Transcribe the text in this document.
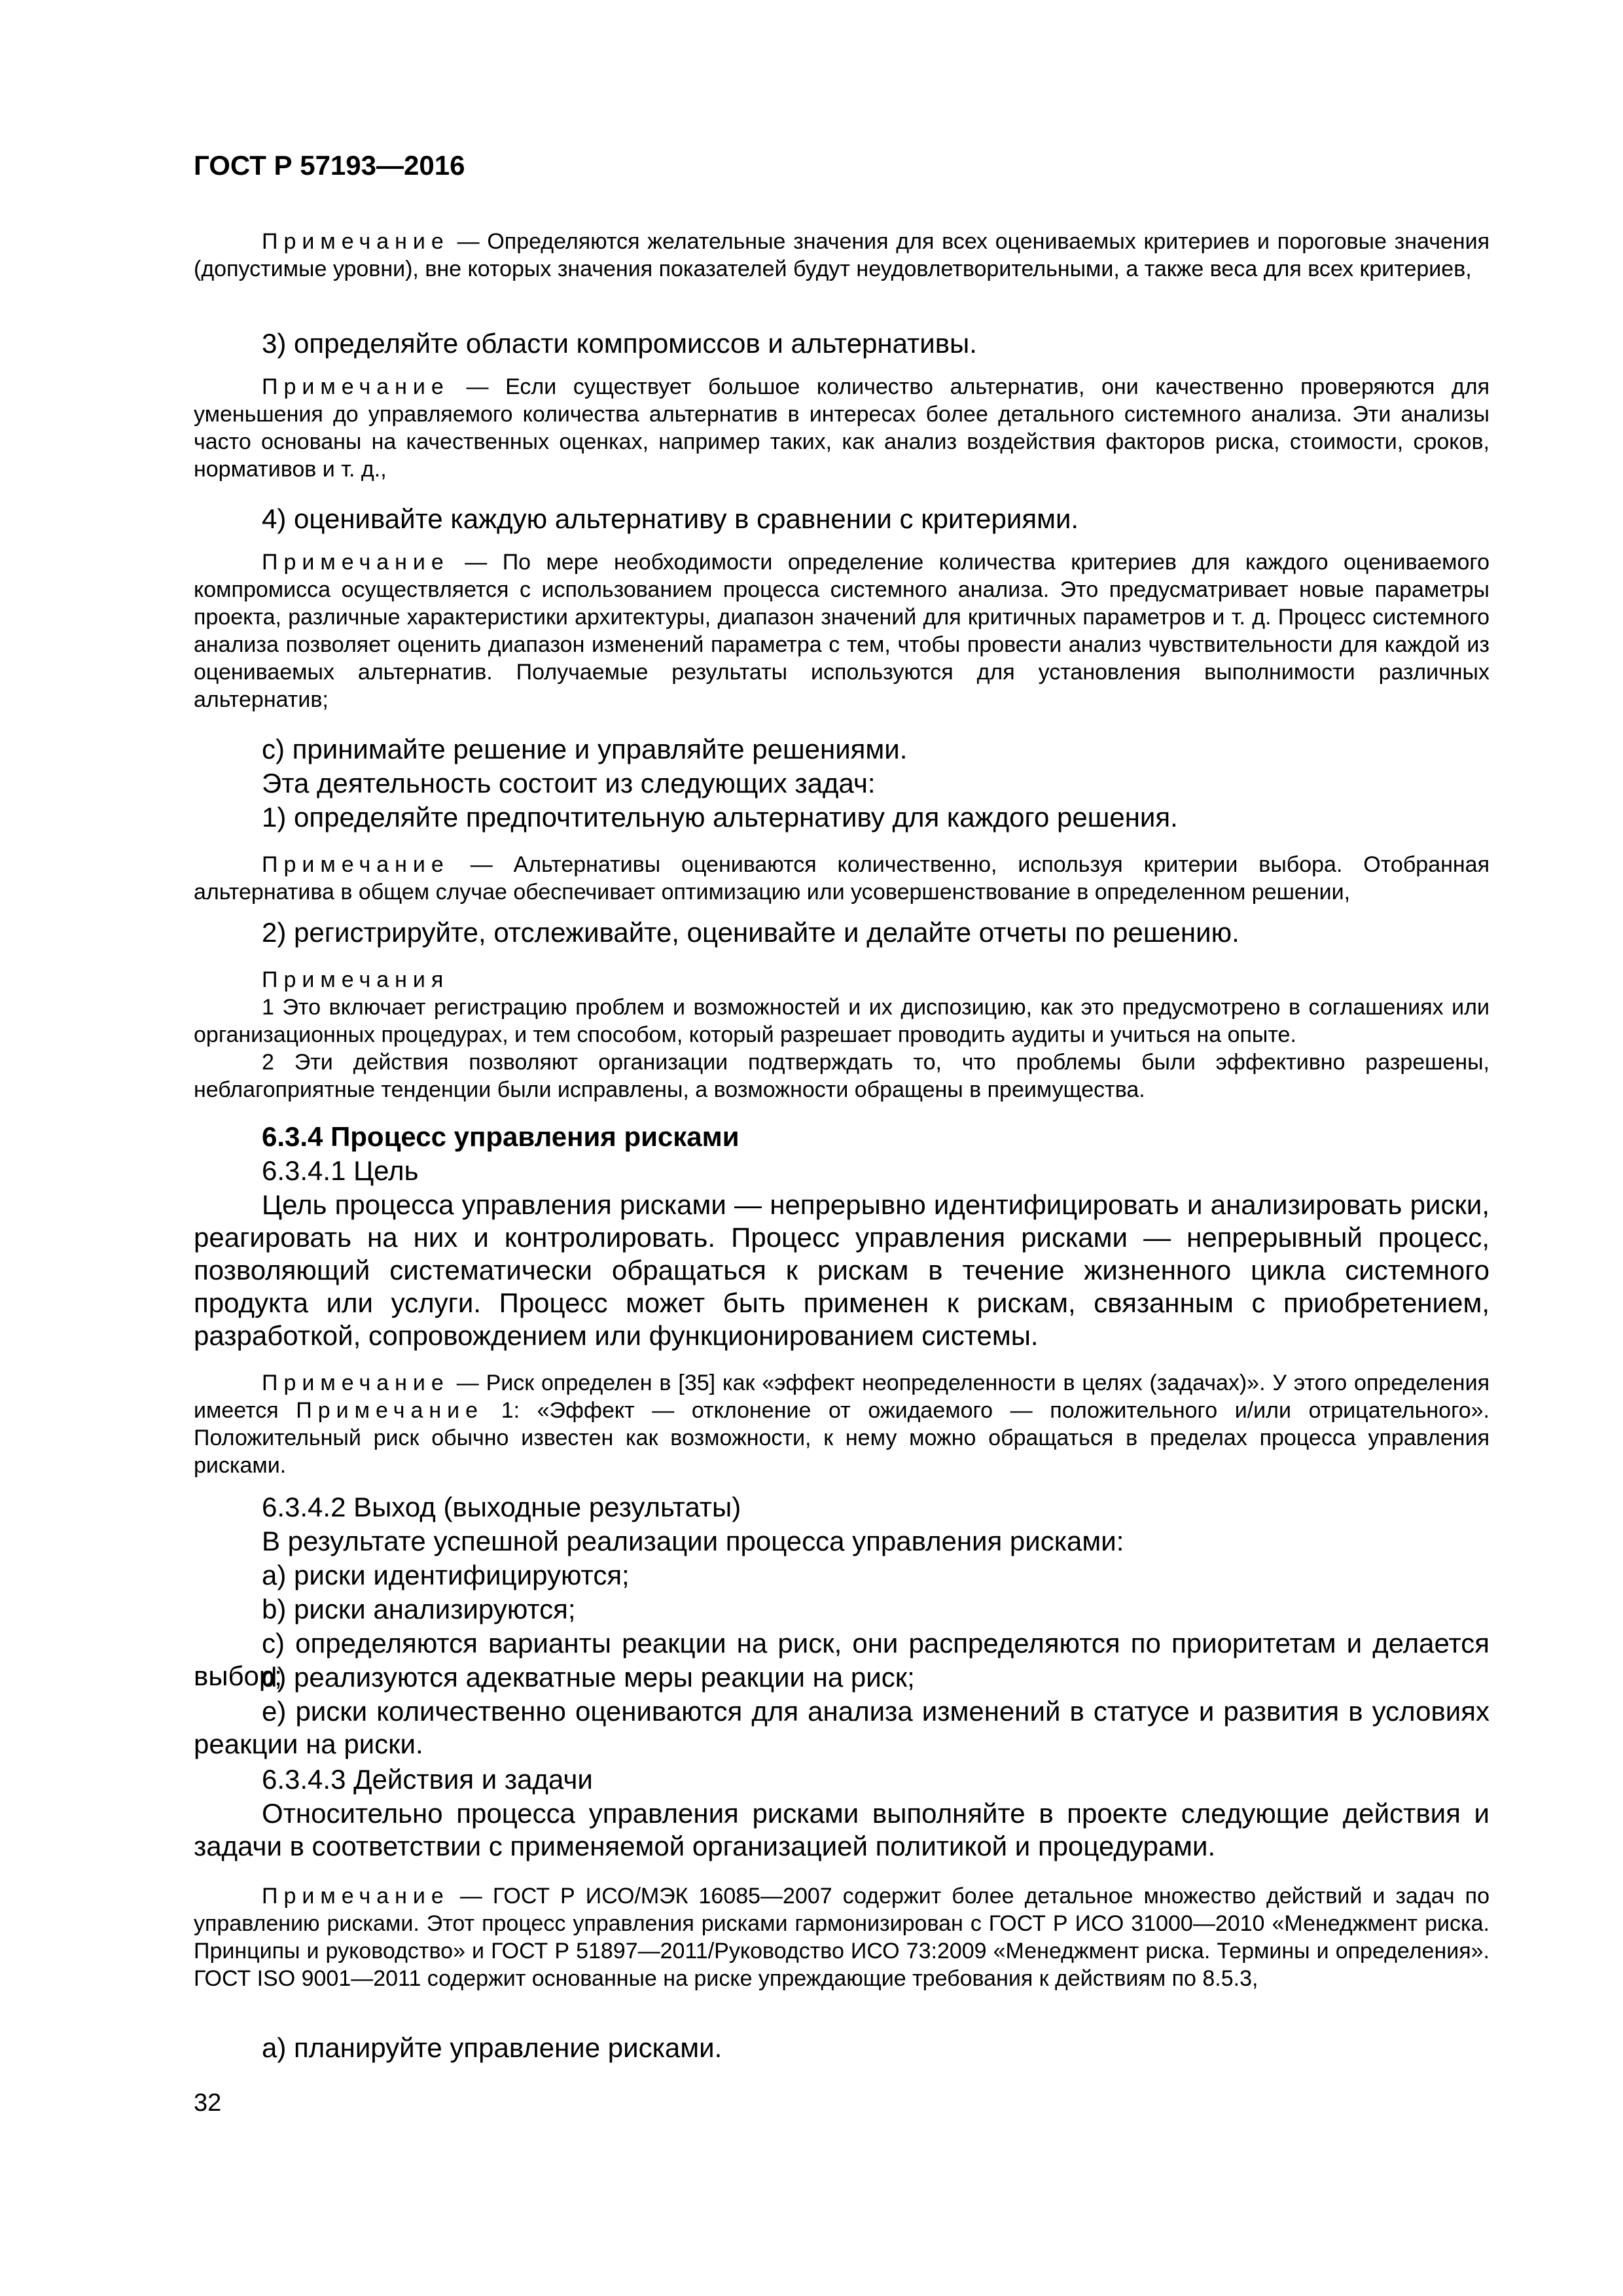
ГОСТ Р 57193—2016

Примечание — Определяются желательные значения для всех оцениваемых критериев и пороговые значения (допустимые уровни), вне которых значения показателей будут неудовлетворительными, а также веса для всех критериев,

3) определяйте области компромиссов и альтернативы.

Примечание — Если существует большое количество альтернатив, они качественно проверяются для уменьшения до управляемого количества альтернатив в интересах более детального системного анализа. Эти анализы часто основаны на качественных оценках, например таких, как анализ воздействия факторов риска, стоимости, сроков, нормативов и т. д.,

4) оценивайте каждую альтернативу в сравнении с критериями.

Примечание — По мере необходимости определение количества критериев для каждого оцениваемого компромисса осуществляется с использованием процесса системного анализа. Это предусматривает новые параметры проекта, различные характеристики архитектуры, диапазон значений для критичных параметров и т. д. Процесс системного анализа позволяет оценить диапазон изменений параметра с тем, чтобы провести анализ чувствительности для каждой из оцениваемых альтернатив. Получаемые результаты используются для установления выполнимости различных альтернатив;

с) принимайте решение и управляйте решениями.

Эта деятельность состоит из следующих задач:

1) определяйте предпочтительную альтернативу для каждого решения.

Примечание — Альтернативы оцениваются количественно, используя критерии выбора. Отобранная альтернатива в общем случае обеспечивает оптимизацию или усовершенствование в определенном решении,

2) регистрируйте, отслеживайте, оценивайте и делайте отчеты по решению.

Примечания

1 Это включает регистрацию проблем и возможностей и их диспозицию, как это предусмотрено в соглашениях или организационных процедурах, и тем способом, который разрешает проводить аудиты и учиться на опыте.

2 Эти действия позволяют организации подтверждать то, что проблемы были эффективно разрешены, неблагоприятные тенденции были исправлены, а возможности обращены в преимущества.

6.3.4 Процесс управления рисками

6.3.4.1 Цель

Цель процесса управления рисками — непрерывно идентифицировать и анализировать риски, реагировать на них и контролировать. Процесс управления рисками — непрерывный процесс, позволяющий систематически обращаться к рискам в течение жизненного цикла системного продукта или услуги. Процесс может быть применен к рискам, связанным с приобретением, разработкой, сопровождением или функционированием системы.

Примечание — Риск определен в [35] как «эффект неопределенности в целях (задачах)». У этого определения имеется Примечание 1: «Эффект — отклонение от ожидаемого — положительного и/или отрицательного». Положительный риск обычно известен как возможности, к нему можно обращаться в пределах процесса управления рисками.

6.3.4.2 Выход (выходные результаты)

В результате успешной реализации процесса управления рисками:

a) риски идентифицируются;

b) риски анализируются;

c) определяются варианты реакции на риск, они распределяются по приоритетам и делается выбор;

d) реализуются адекватные меры реакции на риск;

e) риски количественно оцениваются для анализа изменений в статусе и развития в условиях реакции на риски.

6.3.4.3 Действия и задачи

Относительно процесса управления рисками выполняйте в проекте следующие действия и задачи в соответствии с применяемой организацией политикой и процедурами.

Примечание — ГОСТ Р ИСО/МЭК 16085—2007 содержит более детальное множество действий и задач по управлению рисками. Этот процесс управления рисками гармонизирован с ГОСТ Р ИСО 31000—2010 «Менеджмент риска. Принципы и руководство» и ГОСТ Р 51897—2011/Руководство ИСО 73:2009 «Менеджмент риска. Термины и определения». ГОСТ ISO 9001—2011 содержит основанные на риске упреждающие требования к действиям по 8.5.3,

a) планируйте управление рисками.

32
